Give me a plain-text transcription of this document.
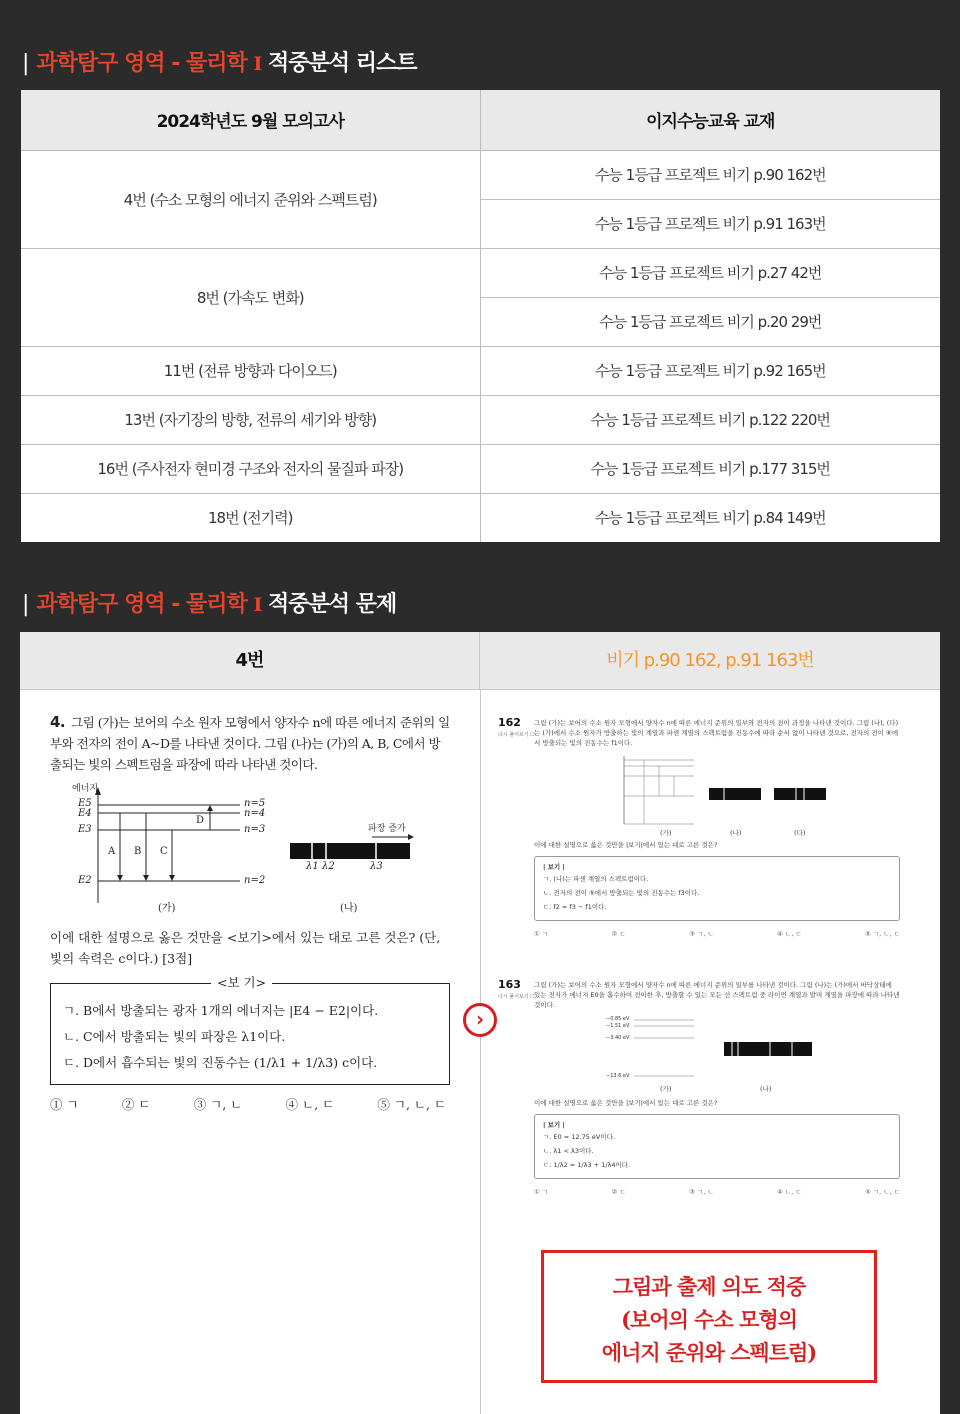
| 과학탐구 영역 - 물리학 Ⅰ 적중분석 리스트
2024학년도 9월 모의고사	이지수능교육 교재
4번 (수소 모형의 에너지 준위와 스펙트럼)	수능 1등급 프로젝트 비기 p.90 162번
	수능 1등급 프로젝트 비기 p.91 163번
8번 (가속도 변화)	수능 1등급 프로젝트 비기 p.27 42번
	수능 1등급 프로젝트 비기 p.20 29번
11번 (전류 방향과 다이오드)	수능 1등급 프로젝트 비기 p.92 165번
13번 (자기장의 방향, 전류의 세기와 방향)	수능 1등급 프로젝트 비기 p.122 220번
16번 (주사전자 현미경 구조와 전자의 물질파 파장)	수능 1등급 프로젝트 비기 p.177 315번
18번 (전기력)	수능 1등급 프로젝트 비기 p.84 149번
| 과학탐구 영역 - 물리학 Ⅰ 적중분석 문제
4번	비기 p.90 162, p.91 163번
4. 그림 (가)는 보어의 수소 원자 모형에서 양자수 n에 따른 에너지 준위의 일부와 전자의 전이 A~D를 나타낸 것이다. 그림 (나)는 (가)의 A, B, C에서 방출되는 빛의 스펙트럼을 파장에 따라 나타낸 것이다.
에너지
E5
E4
E3
E2
n=5
n=4
n=3
n=2
A B C
D
파장 증가
λ1 λ2	λ3
(가)	(나)
이에 대한 설명으로 옳은 것만을 <보기>에서 있는 대로 고른 것은? (단, 빛의 속력은 c이다.) [3점]
<보 기>
ㄱ. B에서 방출되는 광자 1개의 에너지는 |E4 − E2|이다.
ㄴ. C에서 방출되는 빛의 파장은 λ1이다.
ㄷ. D에서 흡수되는 빛의 진동수는 (1/λ1 + 1/λ3) c이다.
① ㄱ	② ㄷ	③ ㄱ, ㄴ	④ ㄴ, ㄷ	⑤ ㄱ, ㄴ, ㄷ
162
다시 풀어보기 ☐
그림 (가)는 보어의 수소 원자 모형에서 양자수 n에 따른 에너지 준위의 일부와 전자의 전이 과정을 나타낸 것이다. 그림 (나), (다)는 (가)에서 수소 원자가 방출하는 빛의 계열과 파센 계열의 스펙트럼을 진동수에 따라 순서 없이 나타낸 것으로, 전자의 전이 ⑥에서 방출되는 빛의 진동수는 f1이다.
(가)	(나)	(다)
이에 대한 설명으로 옳은 것만을 |보기|에서 있는 대로 고른 것은?
| 보기 |
ㄱ. (나)는 파센 계열의 스펙트럼이다.
ㄴ. 전자의 전이 ⑤에서 방출되는 빛의 진동수는 f3이다.
ㄷ. f2 = f3 − f1이다.
① ㄱ	② ㄷ	③ ㄱ, ㄴ	④ ㄴ, ㄷ	⑤ ㄱ, ㄴ, ㄷ
163
다시 풀어보기 ☐
그림 (가)는 보어의 수소 원자 모형에서 양자수 n에 따른 에너지 준위의 일부를 나타낸 것이다. 그림 (나)는 (가)에서 바닥상태에 있는 전자가 에너지 E0을 흡수하여 전이한 후, 방출할 수 있는 모든 선 스펙트럼 중 라이먼 계열과 발머 계열을 파장에 따라 나타낸 것이다.
−0.85 eV
−1.51 eV
−3.40 eV
−13.6 eV
(가)	(나)
이에 대한 설명으로 옳은 것만을 |보기|에서 있는 대로 고른 것은?
| 보기 |
ㄱ. E0 = 12.75 eV이다.
ㄴ. λ1 < λ3이다.
ㄷ. 1/λ2 = 1/λ3 + 1/λ4이다.
① ㄱ	② ㄷ	③ ㄱ, ㄴ	④ ㄴ, ㄷ	⑤ ㄱ, ㄴ, ㄷ
›
그림과 출제 의도 적중
(보어의 수소 모형의
에너지 준위와 스펙트럼)
